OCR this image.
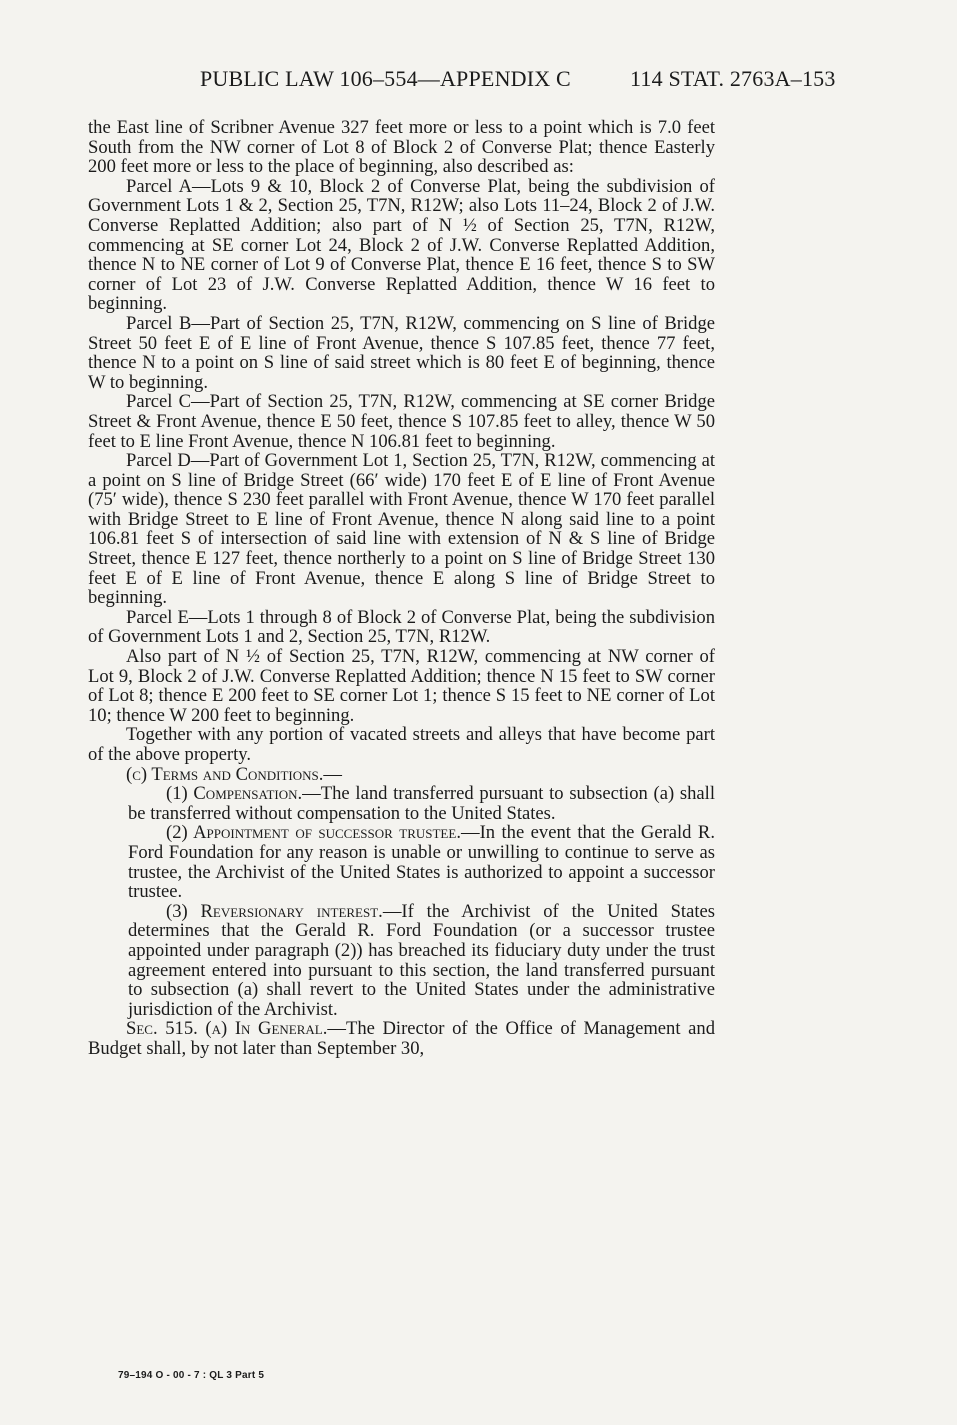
PUBLIC LAW 106–554—APPENDIX C	114 STAT. 2763A–153

the East line of Scribner Avenue 327 feet more or less to a point which is 7.0 feet South from the NW corner of Lot 8 of Block 2 of Converse Plat; thence Easterly 200 feet more or less to the place of beginning, also described as:

Parcel A—Lots 9 & 10, Block 2 of Converse Plat, being the subdivision of Government Lots 1 & 2, Section 25, T7N, R12W; also Lots 11–24, Block 2 of J.W. Converse Replatted Addition; also part of N ½ of Section 25, T7N, R12W, commencing at SE corner Lot 24, Block 2 of J.W. Converse Replatted Addition, thence N to NE corner of Lot 9 of Converse Plat, thence E 16 feet, thence S to SW corner of Lot 23 of J.W. Converse Replatted Addition, thence W 16 feet to beginning.

Parcel B—Part of Section 25, T7N, R12W, commencing on S line of Bridge Street 50 feet E of E line of Front Avenue, thence S 107.85 feet, thence 77 feet, thence N to a point on S line of said street which is 80 feet E of beginning, thence W to beginning.

Parcel C—Part of Section 25, T7N, R12W, commencing at SE corner Bridge Street & Front Avenue, thence E 50 feet, thence S 107.85 feet to alley, thence W 50 feet to E line Front Avenue, thence N 106.81 feet to beginning.

Parcel D—Part of Government Lot 1, Section 25, T7N, R12W, commencing at a point on S line of Bridge Street (66′ wide) 170 feet E of E line of Front Avenue (75′ wide), thence S 230 feet parallel with Front Avenue, thence W 170 feet parallel with Bridge Street to E line of Front Avenue, thence N along said line to a point 106.81 feet S of intersection of said line with extension of N & S line of Bridge Street, thence E 127 feet, thence northerly to a point on S line of Bridge Street 130 feet E of E line of Front Avenue, thence E along S line of Bridge Street to beginning.

Parcel E—Lots 1 through 8 of Block 2 of Converse Plat, being the subdivision of Government Lots 1 and 2, Section 25, T7N, R12W.

Also part of N ½ of Section 25, T7N, R12W, commencing at NW corner of Lot 9, Block 2 of J.W. Converse Replatted Addition; thence N 15 feet to SW corner of Lot 8; thence E 200 feet to SE corner Lot 1; thence S 15 feet to NE corner of Lot 10; thence W 200 feet to beginning.

Together with any portion of vacated streets and alleys that have become part of the above property.

(c) Terms and Conditions.—

(1) Compensation.—The land transferred pursuant to subsection (a) shall be transferred without compensation to the United States.

(2) Appointment of successor trustee.—In the event that the Gerald R. Ford Foundation for any reason is unable or unwilling to continue to serve as trustee, the Archivist of the United States is authorized to appoint a successor trustee.

(3) Reversionary interest.—If the Archivist of the United States determines that the Gerald R. Ford Foundation (or a successor trustee appointed under paragraph (2)) has breached its fiduciary duty under the trust agreement entered into pursuant to this section, the land transferred pursuant to subsection (a) shall revert to the United States under the administrative jurisdiction of the Archivist.

Sec. 515. (a) In General.—The Director of the Office of Management and Budget shall, by not later than September 30,

79–194 O - 00 - 7 : QL 3 Part 5
